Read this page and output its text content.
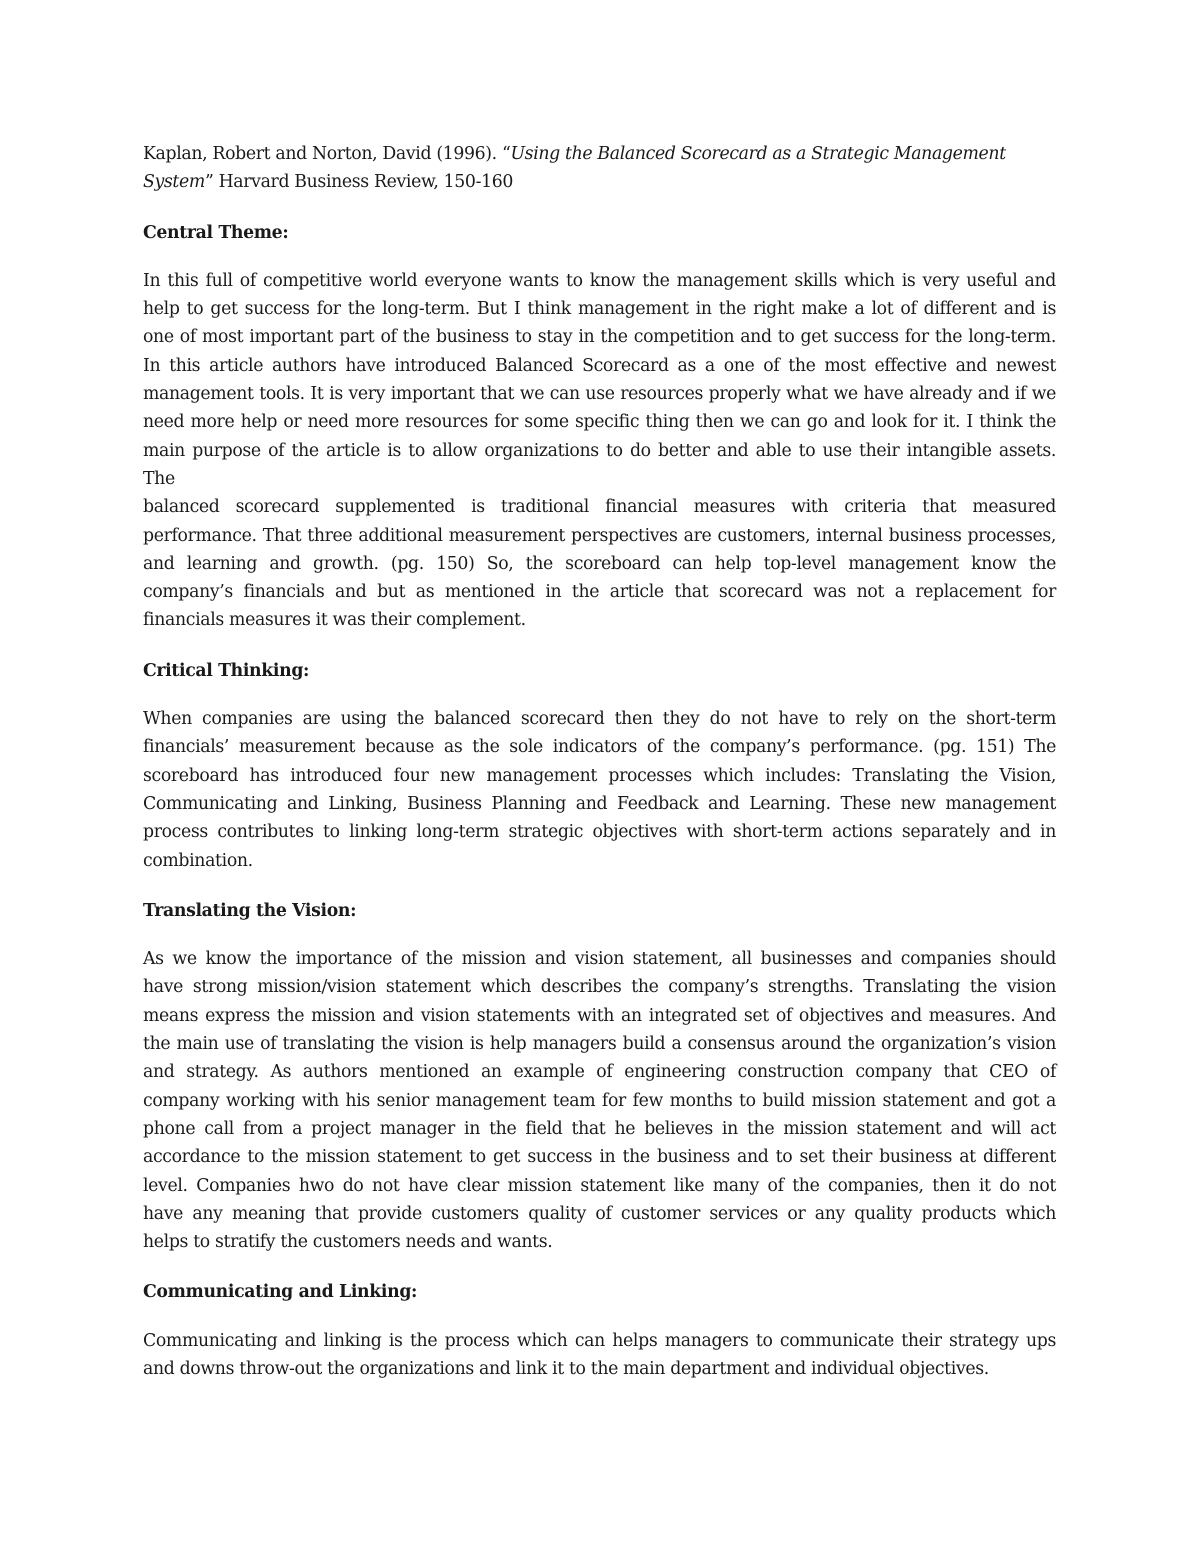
Kaplan, Robert and Norton, David (1996). “Using the Balanced Scorecard as a Strategic Management System” Harvard Business Review, 150-160
Central Theme:

In this full of competitive world everyone wants to know the management skills which is very useful and
help to get success for the long-term. But I think management in the right make a lot of different and is
one of most important part of the business to stay in the competition and to get success for the long-term.
In this article authors have introduced Balanced Scorecard as a one of the most effective and newest
management tools. It is very important that we can use resources properly what we have already and if we
need more help or need more resources for some specific thing then we can go and look for it. I think the
main purpose of the article is to allow organizations to do better and able to use their intangible assets.
The

balanced scorecard supplemented is traditional financial measures with criteria that measured
performance. That three additional measurement perspectives are customers, internal business processes,
and learning and growth. (pg. 150) So, the scoreboard can help top-level management know the
company’s financials and but as mentioned in the article that scorecard was not a replacement for
financials measures it was their complement.

Critical Thinking:

When companies are using the balanced scorecard then they do not have to rely on the short-term
financials’ measurement because as the sole indicators of the company’s performance. (pg. 151) The
scoreboard has introduced four new management processes which includes: Translating the Vision,
Communicating and Linking, Business Planning and Feedback and Learning. These new management
process contributes to linking long-term strategic objectives with short-term actions separately and in
combination.

Translating the Vision:

As we know the importance of the mission and vision statement, all businesses and companies should
have strong mission/vision statement which describes the company’s strengths. Translating the vision
means express the mission and vision statements with an integrated set of objectives and measures. And
the main use of translating the vision is help managers build a consensus around the organization’s vision
and strategy. As authors mentioned an example of engineering construction company that CEO of
company working with his senior management team for few months to build mission statement and got a
phone call from a project manager in the field that he believes in the mission statement and will act
accordance to the mission statement to get success in the business and to set their business at different
level. Companies hwo do not have clear mission statement like many of the companies, then it do not
have any meaning that provide customers quality of customer services or any quality products which
helps to stratify the customers needs and wants.

Communicating and Linking:

Communicating and linking is the process which can helps managers to communicate their strategy ups
and downs throw-out the organizations and link it to the main department and individual objectives.
